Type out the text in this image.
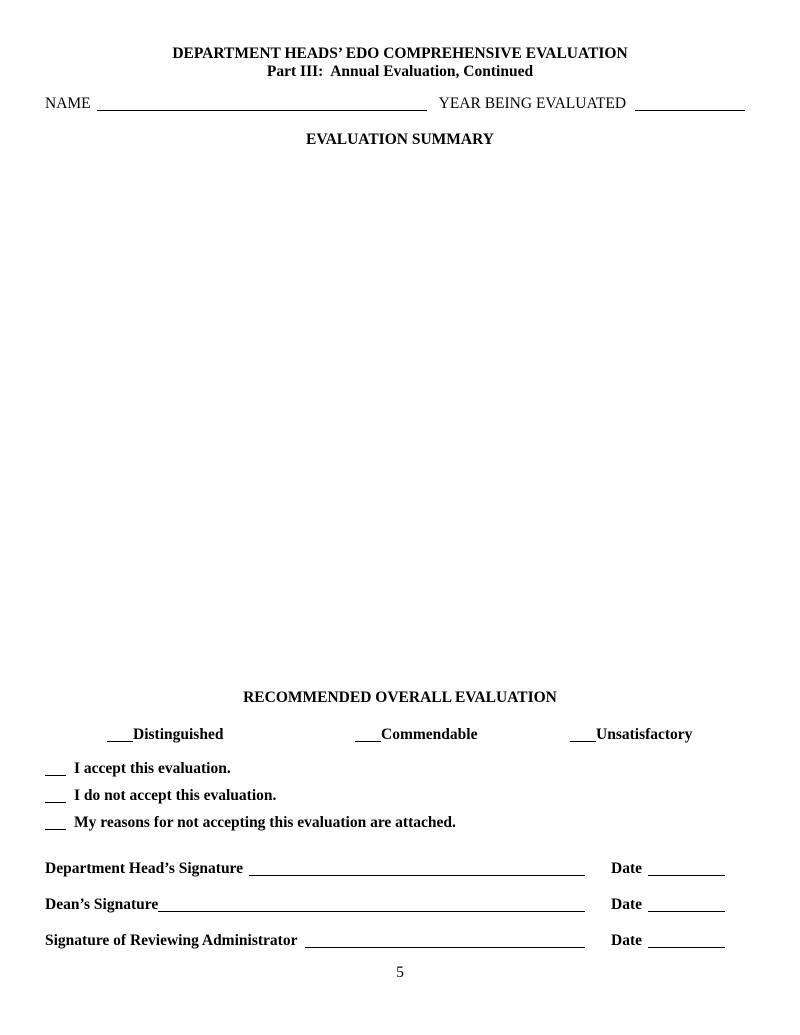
DEPARTMENT HEADS’ EDO COMPREHENSIVE EVALUATION
Part III:  Annual Evaluation, Continued
NAME	YEAR BEING EVALUATED
EVALUATION SUMMARY
RECOMMENDED OVERALL EVALUATION
Distinguished	Commendable	Unsatisfactory
I accept this evaluation.
I do not accept this evaluation.
My reasons for not accepting this evaluation are attached.
Department Head’s Signature	Date
Dean’s Signature	Date
Signature of Reviewing Administrator	Date
5
